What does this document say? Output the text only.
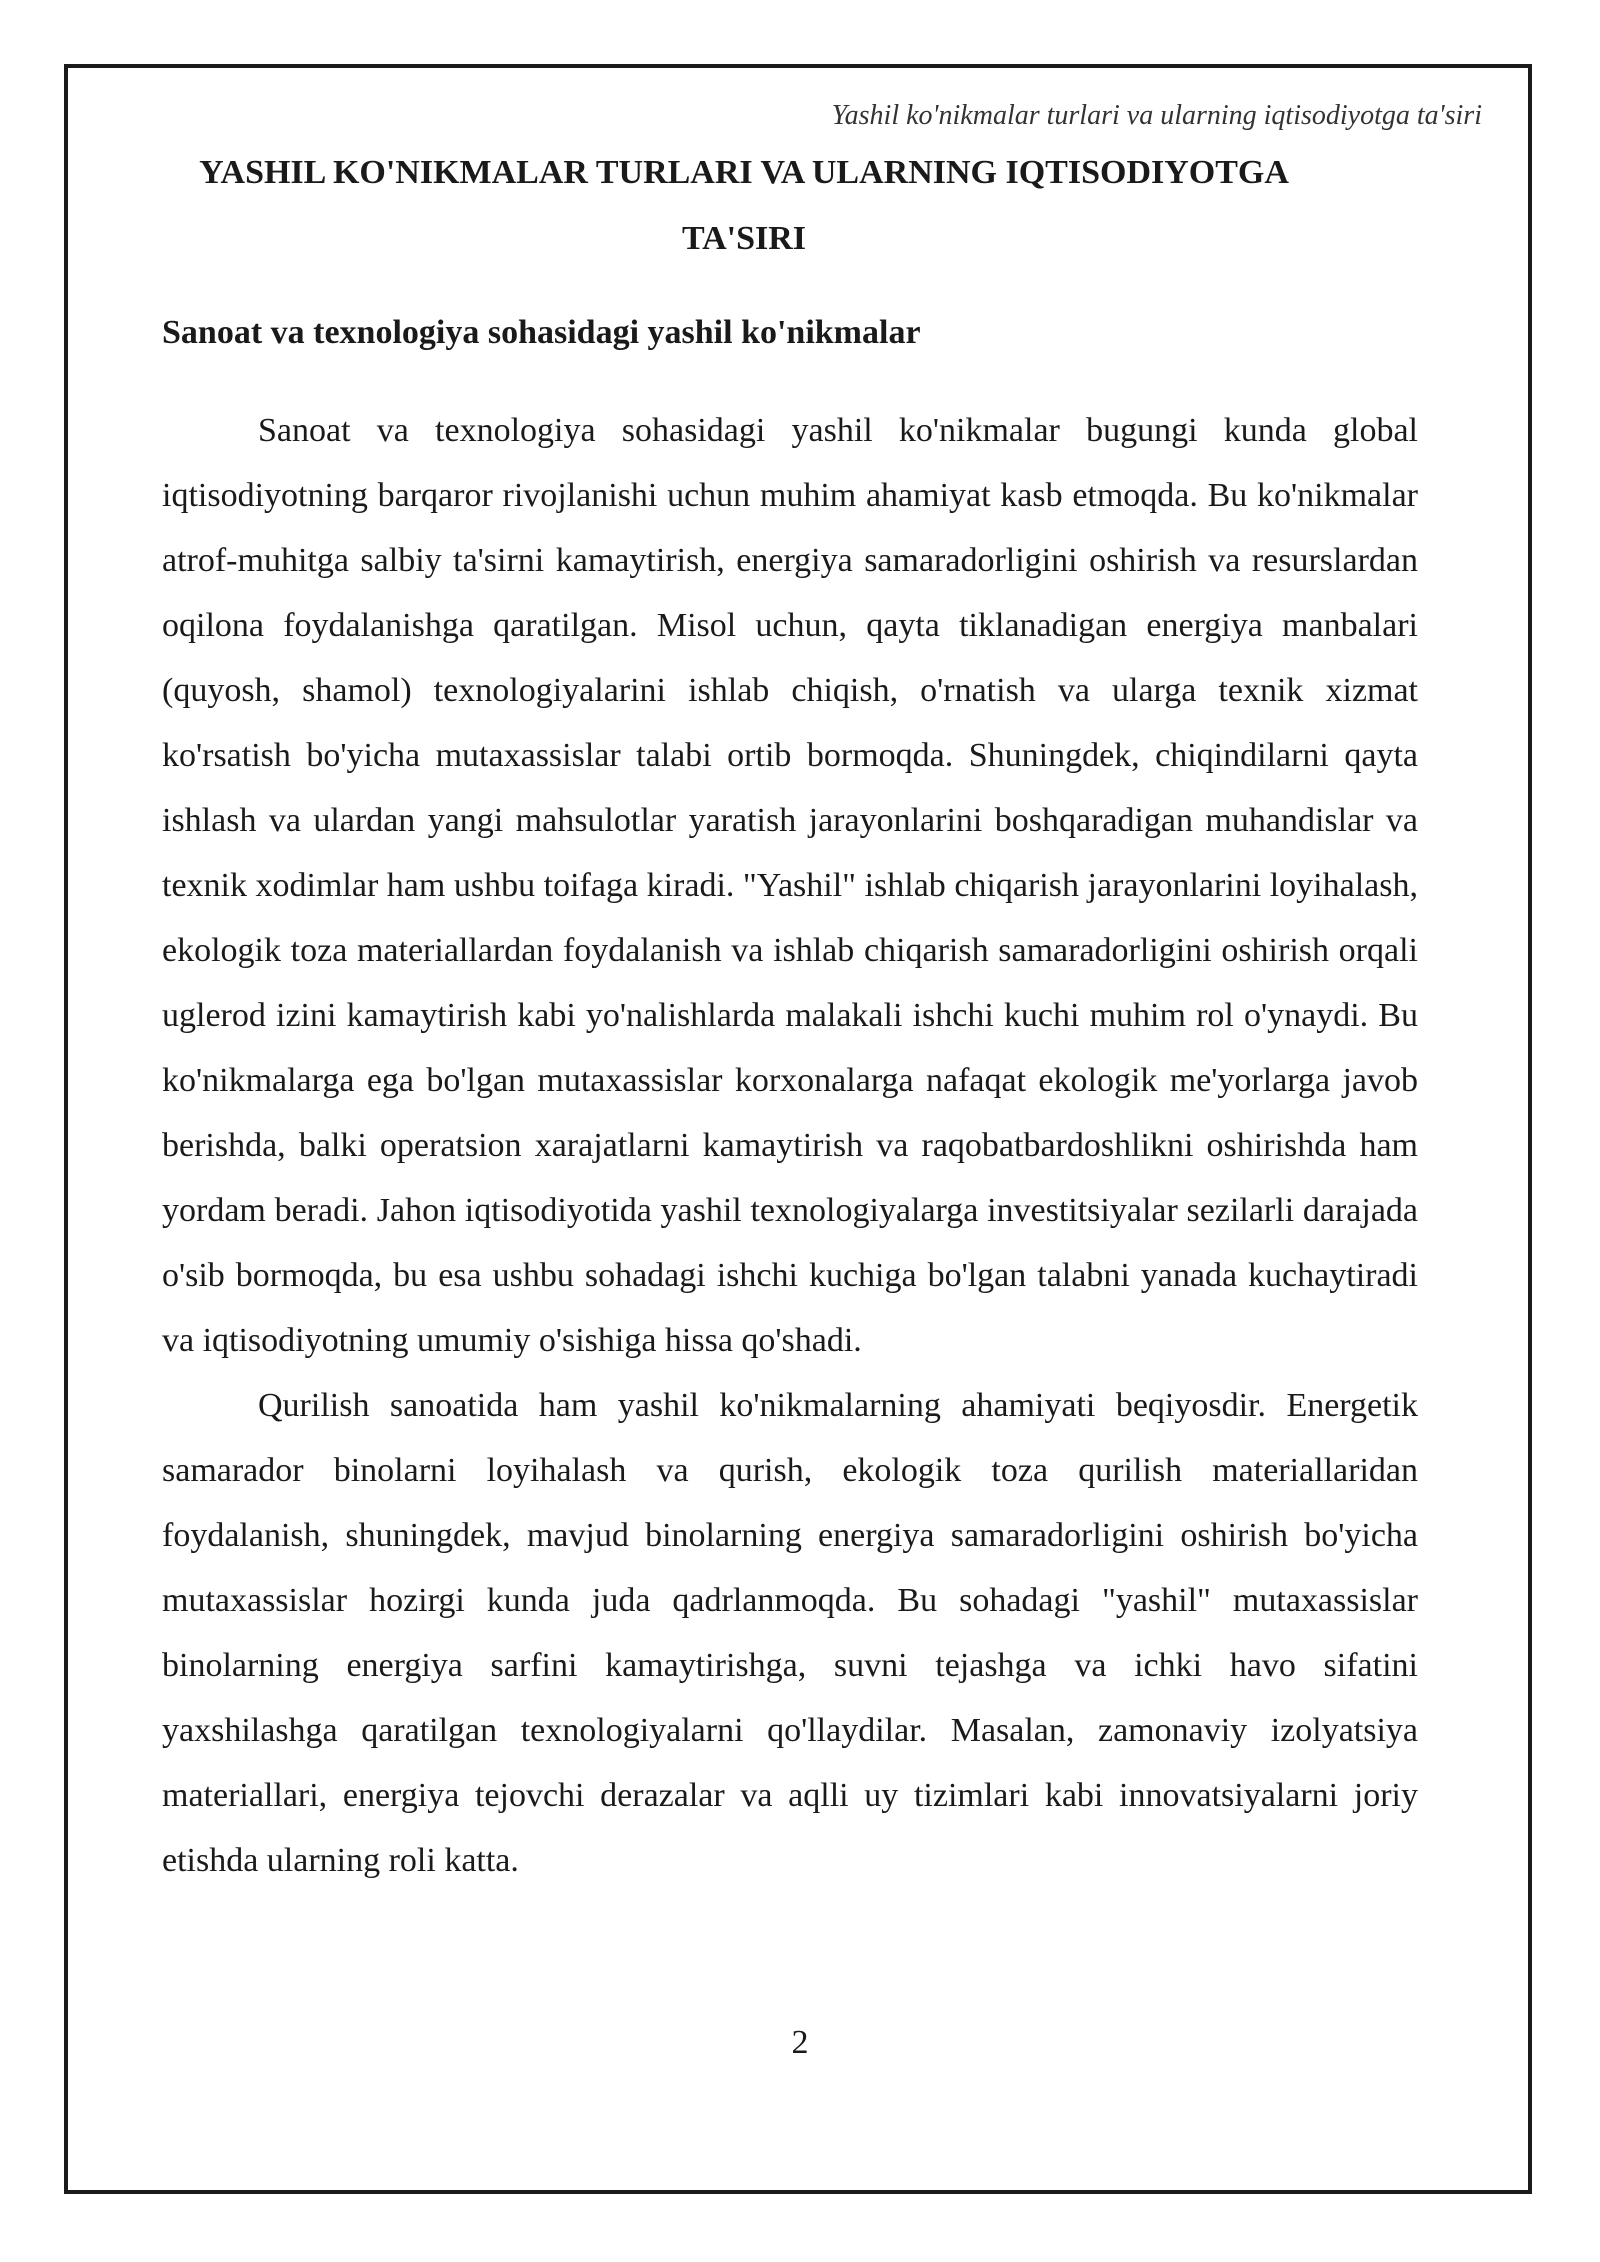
Yashil ko'nikmalar turlari va ularning iqtisodiyotga ta'siri
YASHIL KO'NIKMALAR TURLARI VA ULARNING IQTISODIYOTGA TA'SIRI
Sanoat va texnologiya sohasidagi yashil ko'nikmalar

Sanoat va texnologiya sohasidagi yashil ko'nikmalar bugungi kunda global iqtisodiyotning barqaror rivojlanishi uchun muhim ahamiyat kasb etmoqda. Bu ko'nikmalar atrof-muhitga salbiy ta'sirni kamaytirish, energiya samaradorligini oshirish va resurslardan oqilona foydalanishga qaratilgan. Misol uchun, qayta tiklanadigan energiya manbalari (quyosh, shamol) texnologiyalarini ishlab chiqish, o'rnatish va ularga texnik xizmat ko'rsatish bo'yicha mutaxassislar talabi ortib bormoqda. Shuningdek, chiqindilarni qayta ishlash va ulardan yangi mahsulotlar yaratish jarayonlarini boshqaradigan muhandislar va texnik xodimlar ham ushbu toifaga kiradi. "Yashil" ishlab chiqarish jarayonlarini loyihalash, ekologik toza materiallardan foydalanish va ishlab chiqarish samaradorligini oshirish orqali uglerod izini kamaytirish kabi yo'nalishlarda malakali ishchi kuchi muhim rol o'ynaydi. Bu ko'nikmalarga ega bo'lgan mutaxassislar korxonalarga nafaqat ekologik me'yorlarga javob berishda, balki operatsion xarajatlarni kamaytirish va raqobatbardoshlikni oshirishda ham yordam beradi. Jahon iqtisodiyotida yashil texnologiyalarga investitsiyalar sezilarli darajada o'sib bormoqda, bu esa ushbu sohadagi ishchi kuchiga bo'lgan talabni yanada kuchaytiradi va iqtisodiyotning umumiy o'sishiga hissa qo'shadi.

Qurilish sanoatida ham yashil ko'nikmalarning ahamiyati beqiyosdir. Energetik samarador binolarni loyihalash va qurish, ekologik toza qurilish materiallaridan foydalanish, shuningdek, mavjud binolarning energiya samaradorligini oshirish bo'yicha mutaxassislar hozirgi kunda juda qadrlanmoqda. Bu sohadagi "yashil" mutaxassislar binolarning energiya sarfini kamaytirishga, suvni tejashga va ichki havo sifatini yaxshilashga qaratilgan texnologiyalarni qo'llaydilar. Masalan, zamonaviy izolyatsiya materiallari, energiya tejovchi derazalar va aqlli uy tizimlari kabi innovatsiyalarni joriy etishda ularning roli katta.

2
